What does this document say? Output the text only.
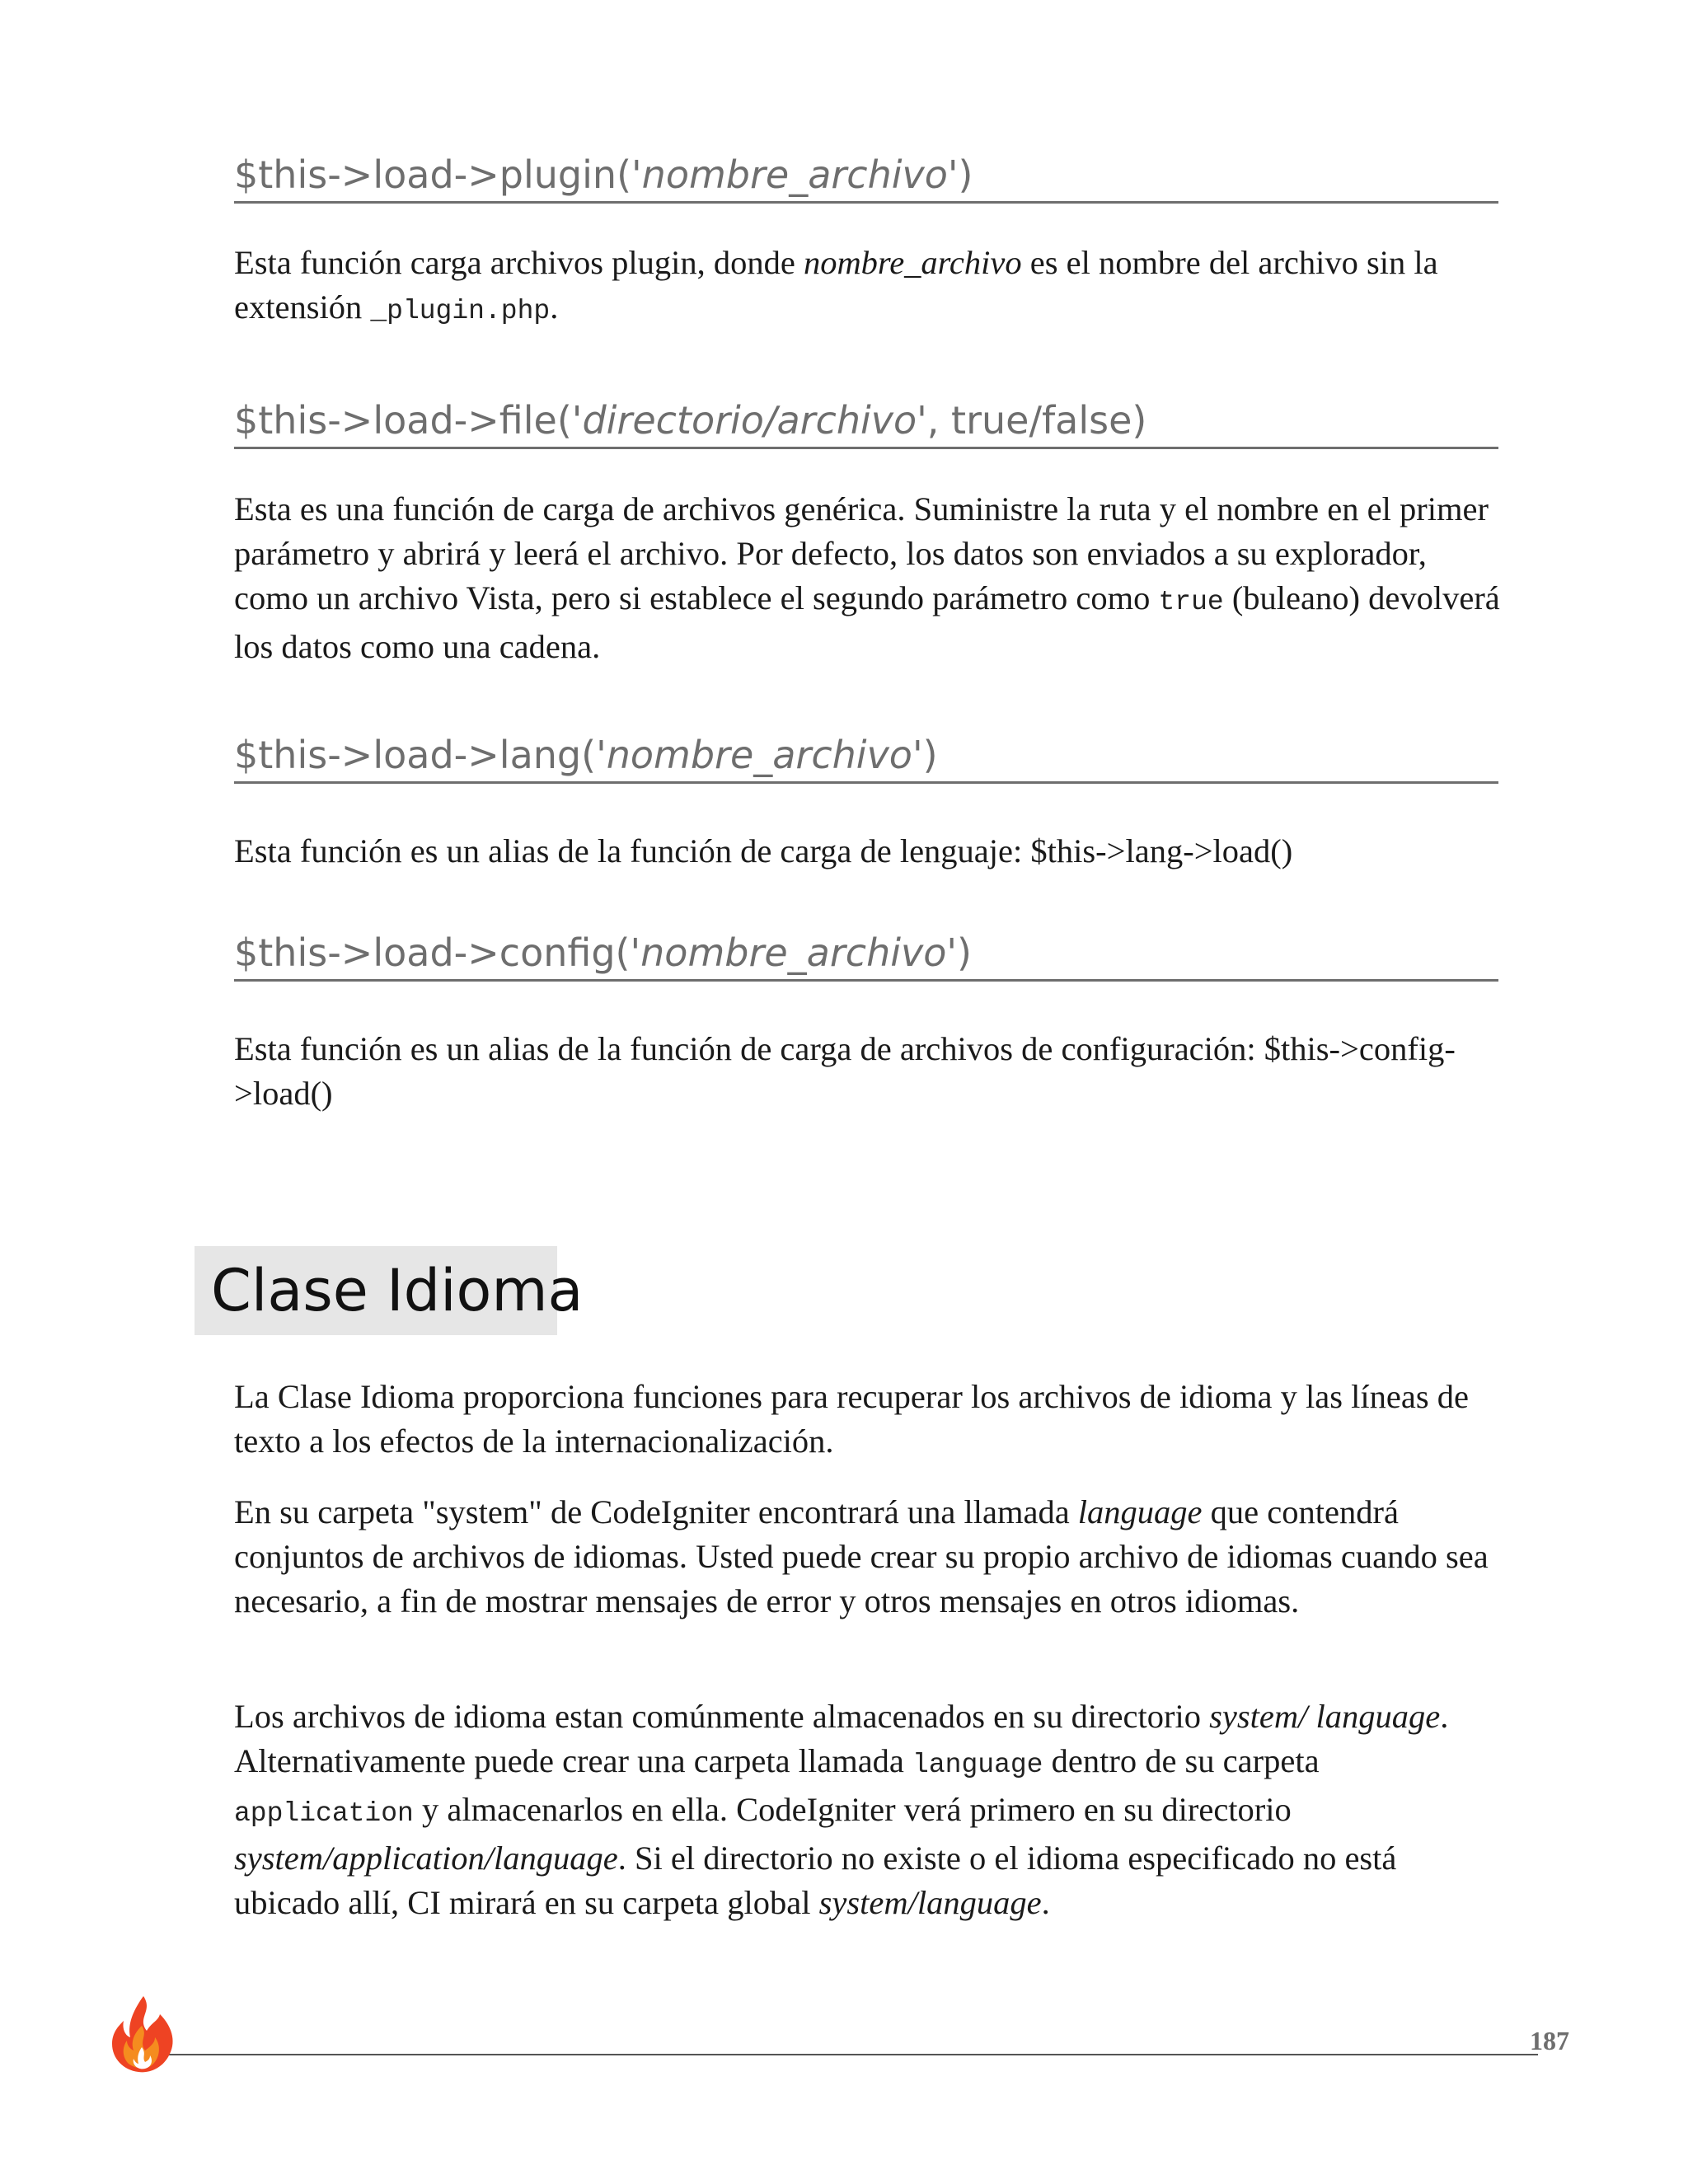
$this->load->plugin('nombre_archivo')

Esta función carga archivos plugin, donde nombre_archivo es el nombre del archivo sin la extensión _plugin.php.

$this->load->file('directorio/archivo', true/false)

Esta es una función de carga de archivos genérica. Suministre la ruta y el nombre en el primer parámetro y abrirá y leerá el archivo. Por defecto, los datos son enviados a su explorador, como un archivo Vista, pero si establece el segundo parámetro como true (buleano) devolverá los datos como una cadena.

$this->load->lang('nombre_archivo')

Esta función es un alias de la función de carga de lenguaje: $this->lang->load()

$this->load->config('nombre_archivo')

Esta función es un alias de la función de carga de archivos de configuración: $this->config->load()

Clase Idioma

La Clase Idioma proporciona funciones para recuperar los archivos de idioma y las líneas de texto a los efectos de la internacionalización.

En su carpeta "system" de CodeIgniter encontrará una llamada language que contendrá conjuntos de archivos de idiomas. Usted puede crear su propio archivo de idiomas cuando sea necesario, a fin de mostrar mensajes de error y otros mensajes en otros idiomas.

Los archivos de idioma estan comúnmente almacenados en su directorio system/ language. Alternativamente puede crear una carpeta llamada language dentro de su carpeta application y almacenarlos en ella. CodeIgniter verá primero en su directorio system/application/language. Si el directorio no existe o el idioma especificado no está ubicado allí, CI mirará en su carpeta global system/language.

187
